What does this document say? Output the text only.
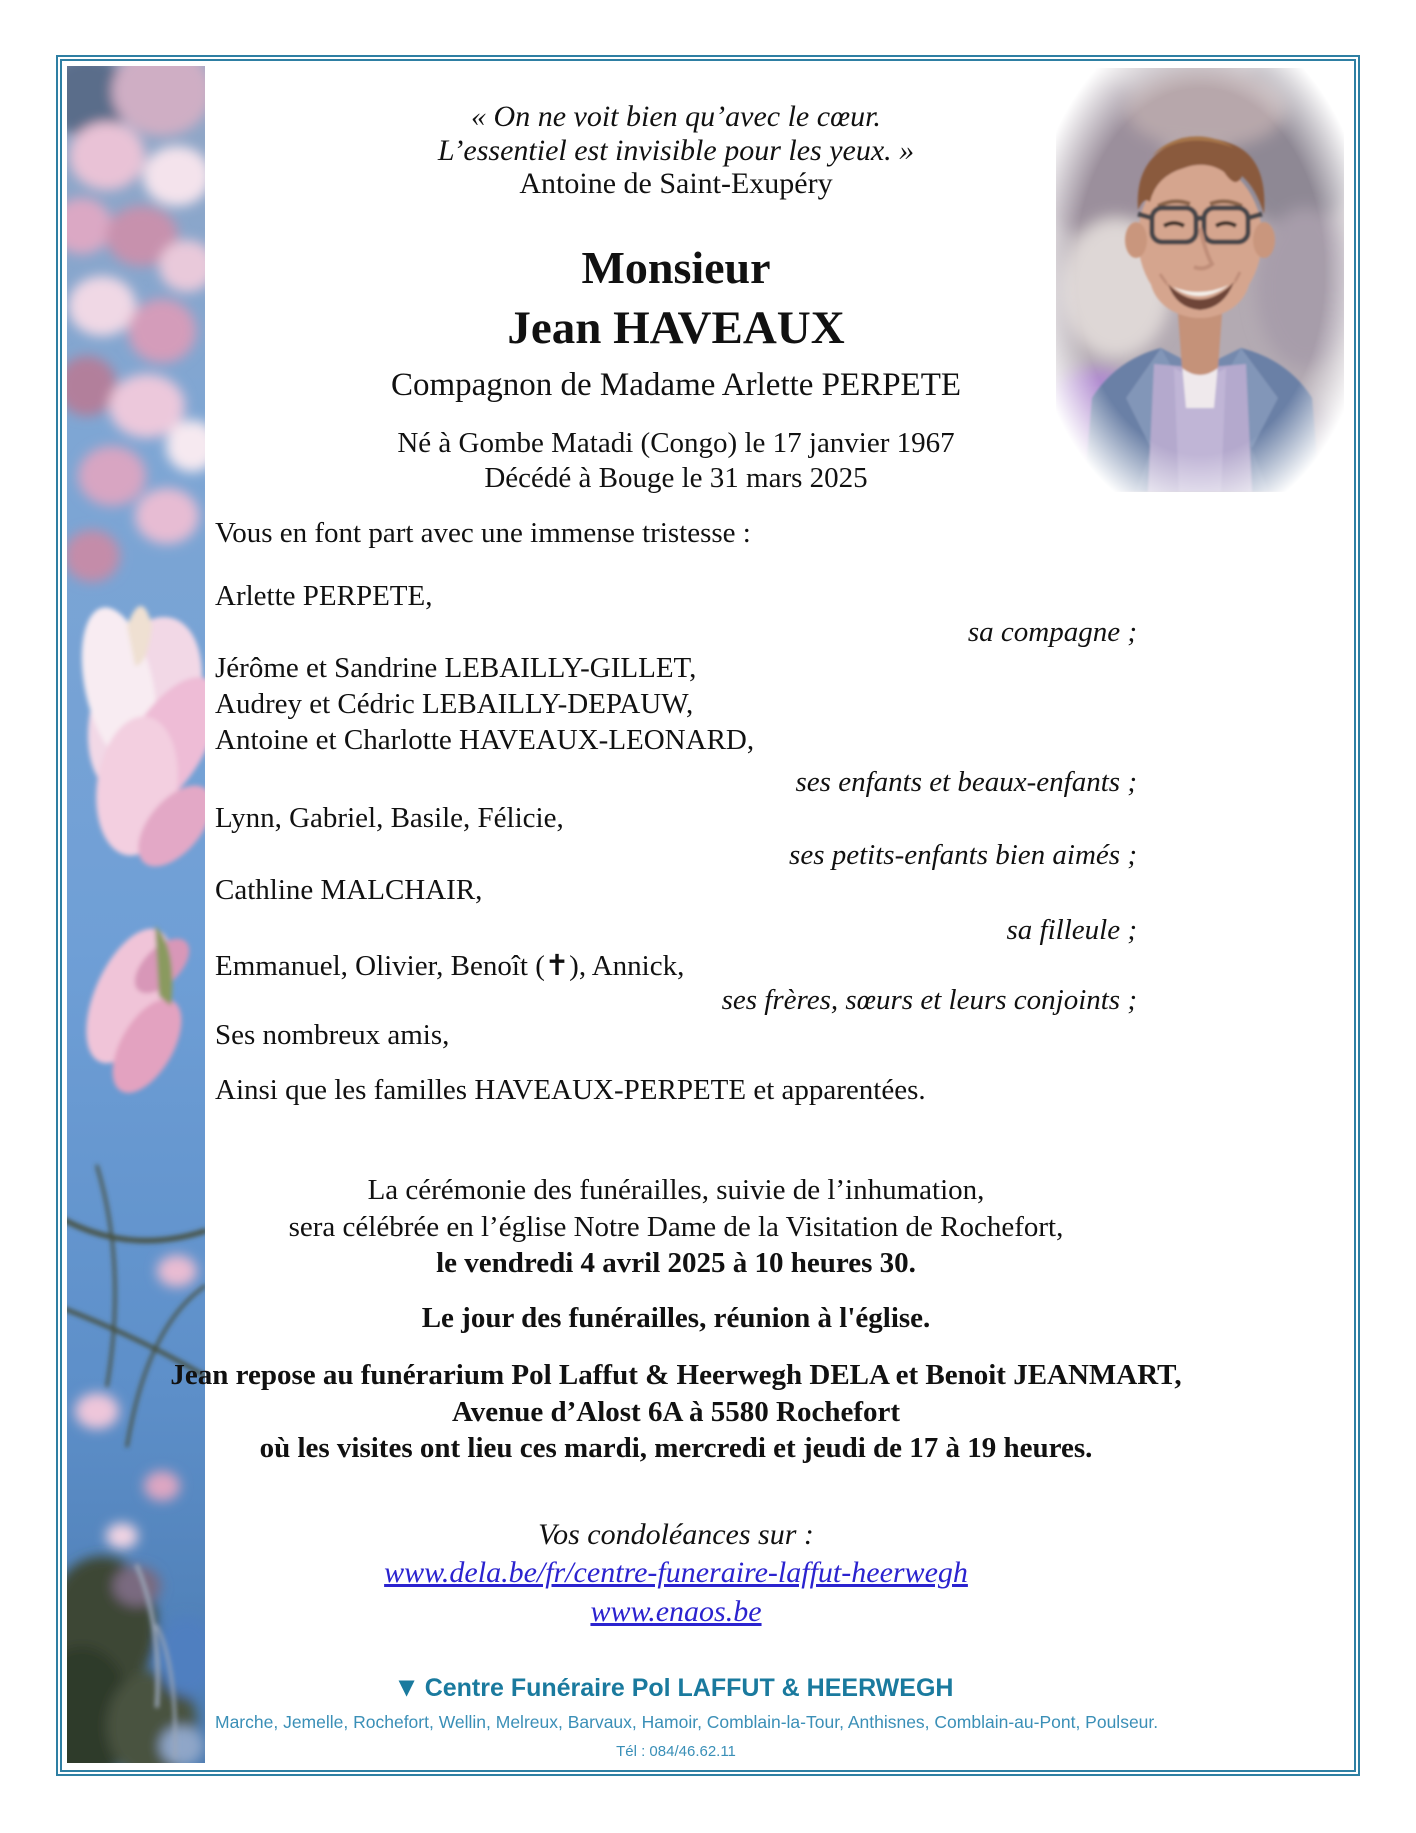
« On ne voit bien qu’avec le cœur.
L’essentiel est invisible pour les yeux. »
Antoine de Saint-Exupéry
Monsieur
Jean HAVEAUX
Compagnon de Madame Arlette PERPETE
Né à Gombe Matadi (Congo) le 17 janvier 1967
Décédé à Bouge le 31 mars 2025
Vous en font part avec une immense tristesse :
Arlette PERPETE,
sa compagne ;
Jérôme et Sandrine LEBAILLY-GILLET,
Audrey et Cédric LEBAILLY-DEPAUW,
Antoine et Charlotte HAVEAUX-LEONARD,
ses enfants et beaux-enfants ;
Lynn, Gabriel, Basile, Félicie,
ses petits-enfants bien aimés ;
Cathline MALCHAIR,
sa filleule ;
Emmanuel, Olivier, Benoît (✝), Annick,
ses frères, sœurs et leurs conjoints ;
Ses nombreux amis,
Ainsi que les familles HAVEAUX-PERPETE et apparentées.
La cérémonie des funérailles, suivie de l’inhumation,
sera célébrée en l’église Notre Dame de la Visitation de Rochefort,
le vendredi 4 avril 2025 à 10 heures 30.
Le jour des funérailles, réunion à l'église.
Jean repose au funérarium Pol Laffut & Heerwegh DELA et Benoit JEANMART,
Avenue d’Alost 6A à 5580 Rochefort
où les visites ont lieu ces mardi, mercredi et jeudi de 17 à 19 heures.
Vos condoléances sur :
www.dela.be/fr/centre-funeraire-laffut-heerwegh
www.enaos.be
▼ Centre Funéraire Pol LAFFUT & HEERWEGH
Marche, Jemelle, Rochefort, Wellin, Melreux, Barvaux, Hamoir, Comblain-la-Tour, Anthisnes, Comblain-au-Pont, Poulseur.
Tél : 084/46.62.11
